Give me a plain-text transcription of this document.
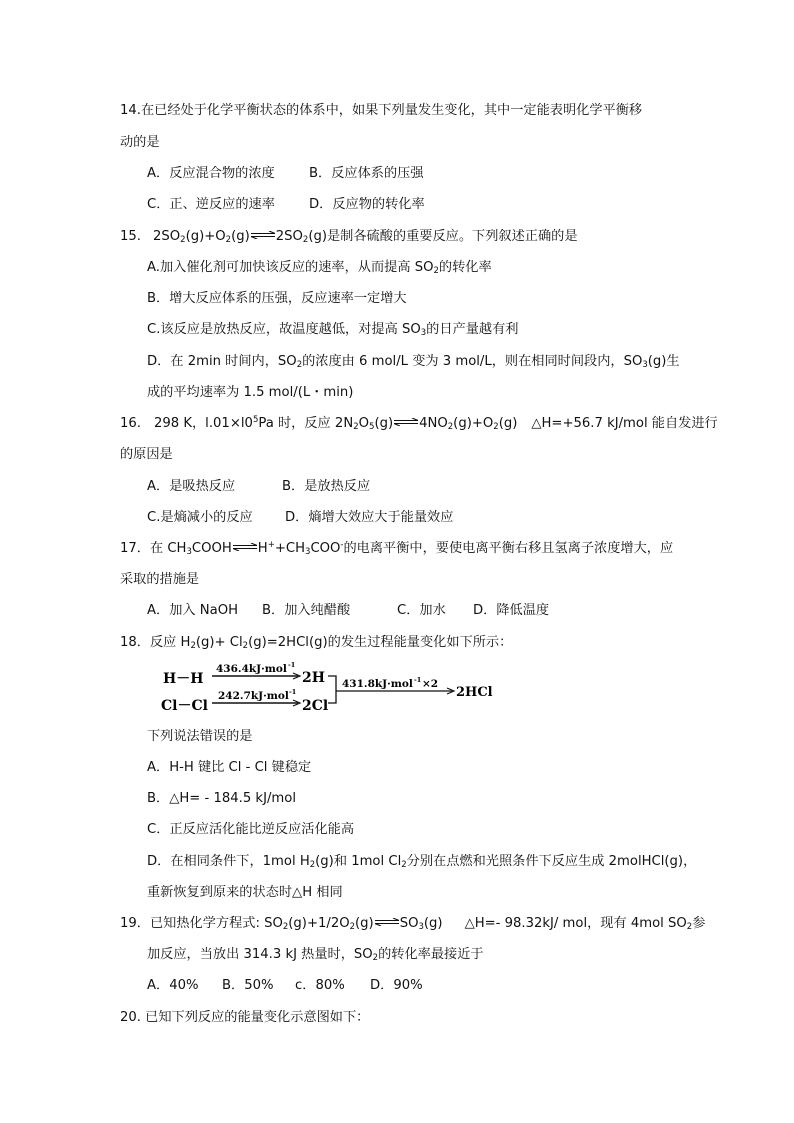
14.在已经处于化学平衡状态的体系中，如果下列量发生变化，其中一定能表明化学平衡移
动的是
A．反应混合物的浓度	B．反应体系的压强
C．正、逆反应的速率	D．反应物的转化率
15. $2SO_2(g)+O_2(g)$ $2SO_2(g)$是制各硫酸的重要反应。下列叙述正确的是
A.加入催化剂可加快该反应的速率，从而提高 $SO_2$的转化率
B．增大反应体系的压强，反应速率一定增大
C.该反应是放热反应，故温度越低，对提高 $SO_3$的日产量越有利
D．在 2min 时间内，$SO_2$的浓度由 6 mol/L 变为 3 mol/L，则在相同时间段内，$SO_3(g)$生
成的平均速率为 1.5 mol/(L・min)
16. 298 K，$l.01\times l0^5Pa$ 时，反应 $2N_2O_5(g)$ $4NO_2(g)+O_2(g)$ △H=+56.7 kJ/mol 能自发进行
的原因是
A．是吸热反应	B．是放热反应
C.是熵减小的反应 D．熵增大效应大于能量效应
17．在 $CH_3COOH$ $H^++CH_3COO^-$的电离平衡中，要使电离平衡右移且氢离子浓度增大，应
采取的措施是
A．加入 NaOH B．加入纯醋酸	C．加水 D．降低温度
18．反应 $H_2(g)+ Cl_2(g)=2HCl(g)$的发生过程能量变化如下所示：
H－H
436.4kJ·mol -1
2H
Cl－Cl
242.7kJ·mol -1
2Cl
431.8kJ·mol -1 ×2
2HCl
下列说法错误的是
A．H-H 键比 Cl - Cl 键稳定
B．△H= - 184.5 kJ/mol
C．正反应活化能比逆反应活化能高
D．在相同条件下，1mol $H_2(g)$和 1mol $Cl_2$分别在点燃和光照条件下反应生成 2molHCl(g)，
重新恢复到原来的状态时△H 相同
19．已知热化学方程式: $SO_2(g)+1/2O_2(g)$ $SO_3(g)$ △H=- 98.32kJ/ mol，现有 4mol $SO_2$参
加反应，当放出 314.3 kJ 热量时，$SO_2$的转化率最接近于
A．40% B．50% c．80% D．90%
20. 已知下列反应的能量变化示意图如下：
